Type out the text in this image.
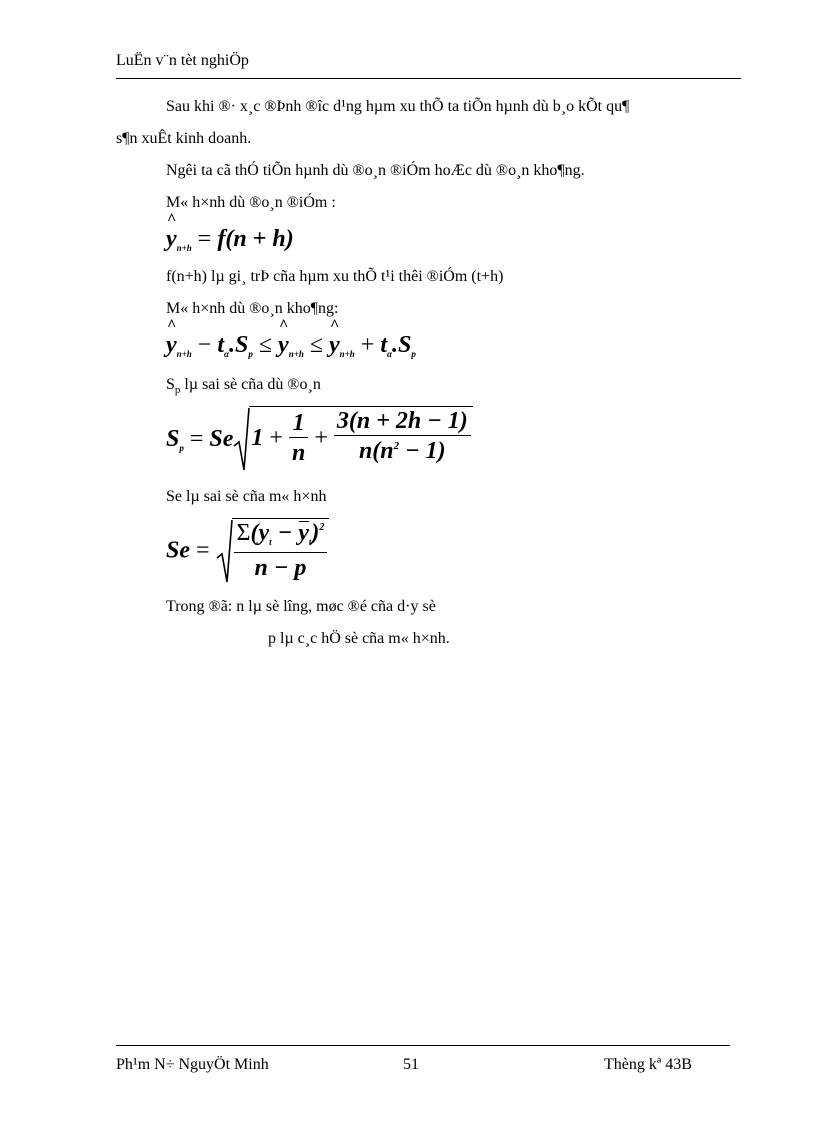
LuËn v¨n tèt nghiÖp
Sau khi ®· x¸c ®Þnh ®îc d¹ng hµm xu thÕ ta tiÕn hµnh dù b¸o kÕt qu¶
s¶n xuÊt kinh doanh.
Ngêi ta cã thÓ tiÕn hµnh dù ®o¸n ®iÓm hoÆc dù ®o¸n kho¶ng.
M« h×nh dù ®o¸n ®iÓm :
^ $y_{n+h} = f(n + h)$
f(n+h) lµ gi¸ trÞ cña hµm xu thÕ t¹i thêi ®iÓm (t+h)
M« h×nh dù ®o¸n kho¶ng:
^ $y_{n+h} - t_\alpha.S_p$ ≤ ^ $y_{n+h}$ ≤ ^ $y_{n+h} + t_\alpha.S_p$
$S_p$ lµ sai sè cña dù ®o¸n
$S_p = Se$ $1 + \frac{1}{n} + \frac{3(n + 2h - 1)}{n(n^2 - 1)}$
Se lµ sai sè cña m« h×nh
$Se = \frac{\Sigma(y_t - y_t)^2}{n - p}$
Trong ®ã: n lµ sè lîng, møc ®é cña d·y sè
p lµ c¸c hÖ sè cña m« h×nh.
Ph¹m N÷ NguyÖt Minh	51	Thèng kª 43B
